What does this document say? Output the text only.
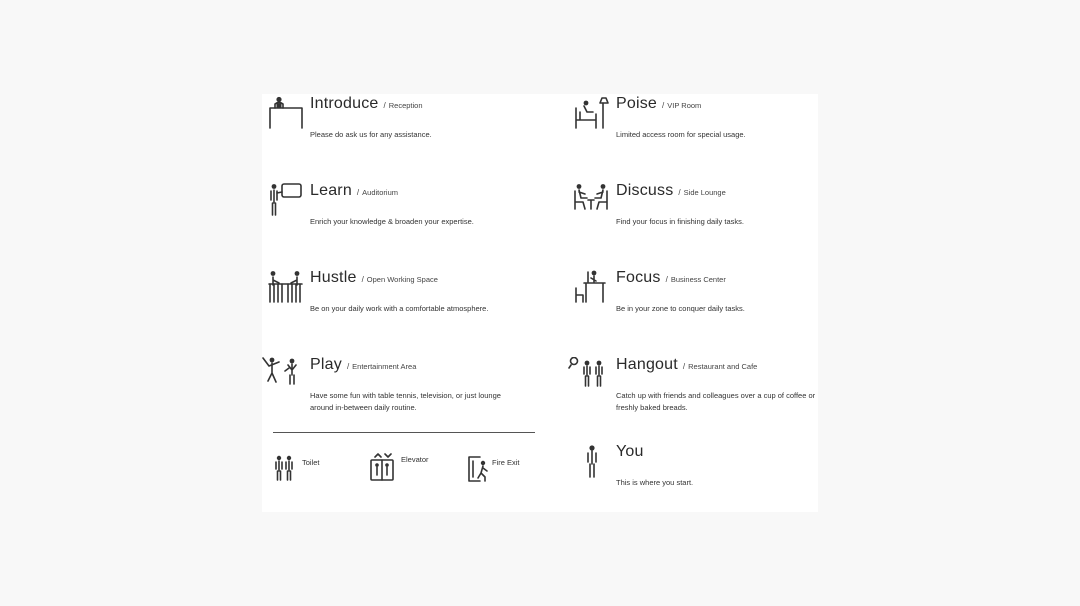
Introduce / Reception
Please do ask us for any assistance.
Learn / Auditorium
Enrich your knowledge & broaden your expertise.
Hustle / Open Working Space
Be on your daily work with a comfortable atmosphere.
Play / Entertainment Area
Have some fun with table tennis, television, or just lounge around in-between daily routine.
Toilet	Elevator	Fire Exit
Poise / VIP Room
Limited access room for special usage.
Discuss / Side Lounge
Find your focus in finishing daily tasks.
Focus / Business Center
Be in your zone to conquer daily tasks.
Hangout / Restaurant and Cafe
Catch up with friends and colleagues over a cup of coffee or freshly baked breads.
You
This is where you start.
